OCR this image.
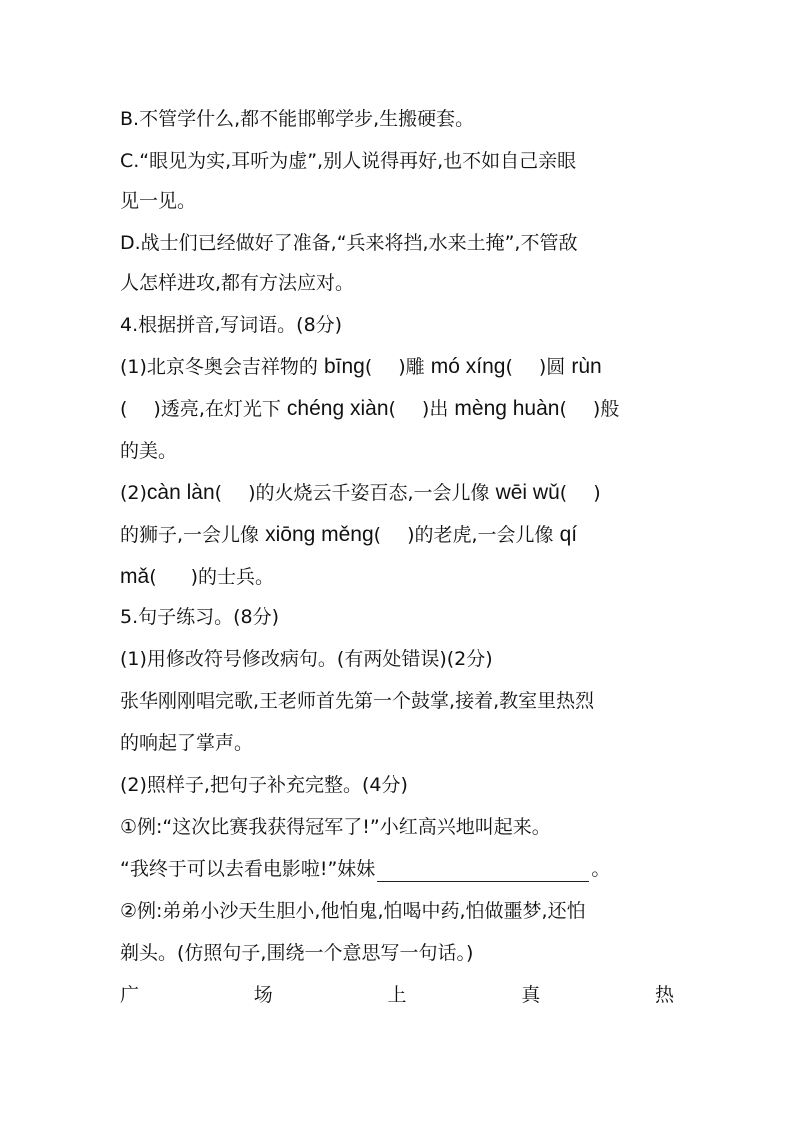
B.不管学什么,都不能邯郸学步,生搬硬套。
C.“眼见为实,耳听为虚”,别人说得再好,也不如自己亲眼
见一见。
D.战士们已经做好了准备,“兵来将挡,水来土掩”,不管敌
人怎样进攻,都有方法应对。
4.根据拼音,写词语。(8分)
(1)北京冬奥会吉祥物的 bīng( )雕 mó xíng( )圆 rùn
( )透亮,在灯光下 chéng xiàn( )出 mèng huàn( )般
的美。
(2)càn làn( )的火烧云千姿百态,一会儿像 wēi wǔ( )
的狮子,一会儿像 xiōng měng( )的老虎,一会儿像 qí
mǎ( )的士兵。
5.句子练习。(8分)
(1)用修改符号修改病句。(有两处错误)(2分)
张华刚刚唱完歌,王老师首先第一个鼓掌,接着,教室里热烈
的响起了掌声。
(2)照样子,把句子补充完整。(4分)
①例:“这次比赛我获得冠军了!”小红高兴地叫起来。
“我终于可以去看电影啦!”妹妹	。
②例:弟弟小沙天生胆小,他怕鬼,怕喝中药,怕做噩梦,还怕
剃头。(仿照句子,围绕一个意思写一句话。)
广	场	上	真	热
